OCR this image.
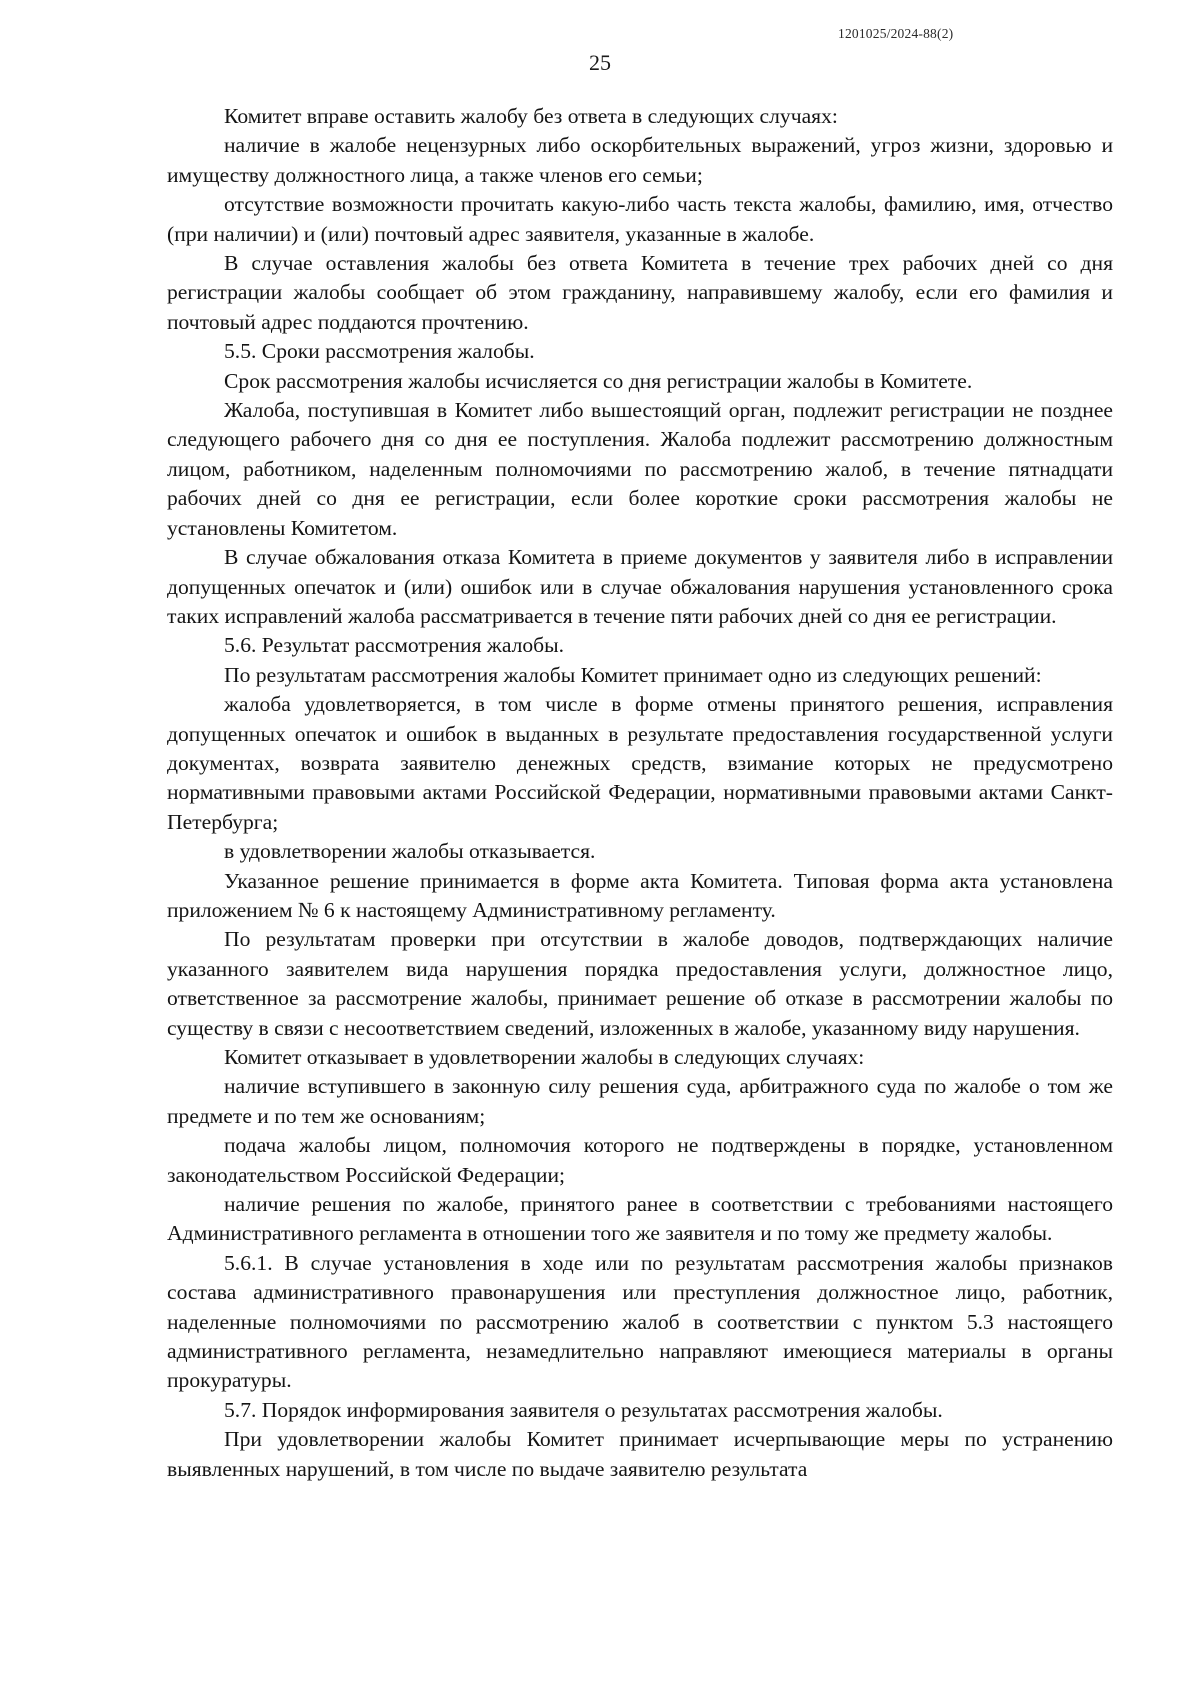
1201025/2024-88(2)
25

Комитет вправе оставить жалобу без ответа в следующих случаях:

наличие в жалобе нецензурных либо оскорбительных выражений, угроз жизни, здоровью и имуществу должностного лица, а также членов его семьи;

отсутствие возможности прочитать какую-либо часть текста жалобы, фамилию, имя, отчество (при наличии) и (или) почтовый адрес заявителя, указанные в жалобе.

В случае оставления жалобы без ответа Комитета в течение трех рабочих дней со дня регистрации жалобы сообщает об этом гражданину, направившему жалобу, если его фамилия и почтовый адрес поддаются прочтению.

5.5. Сроки рассмотрения жалобы.

Срок рассмотрения жалобы исчисляется со дня регистрации жалобы в Комитете.

Жалоба, поступившая в Комитет либо вышестоящий орган, подлежит регистрации не позднее следующего рабочего дня со дня ее поступления. Жалоба подлежит рассмотрению должностным лицом, работником, наделенным полномочиями по рассмотрению жалоб, в течение пятнадцати рабочих дней со дня ее регистрации, если более короткие сроки рассмотрения жалобы не установлены Комитетом.

В случае обжалования отказа Комитета в приеме документов у заявителя либо в исправлении допущенных опечаток и (или) ошибок или в случае обжалования нарушения установленного срока таких исправлений жалоба рассматривается в течение пяти рабочих дней со дня ее регистрации.

5.6. Результат рассмотрения жалобы.

По результатам рассмотрения жалобы Комитет принимает одно из следующих решений:

жалоба удовлетворяется, в том числе в форме отмены принятого решения, исправления допущенных опечаток и ошибок в выданных в результате предоставления государственной услуги документах, возврата заявителю денежных средств, взимание которых не предусмотрено нормативными правовыми актами Российской Федерации, нормативными правовыми актами Санкт-Петербурга;

в удовлетворении жалобы отказывается.

Указанное решение принимается в форме акта Комитета. Типовая форма акта установлена приложением № 6 к настоящему Административному регламенту.

По результатам проверки при отсутствии в жалобе доводов, подтверждающих наличие указанного заявителем вида нарушения порядка предоставления услуги, должностное лицо, ответственное за рассмотрение жалобы, принимает решение об отказе в рассмотрении жалобы по существу в связи с несоответствием сведений, изложенных в жалобе, указанному виду нарушения.

Комитет отказывает в удовлетворении жалобы в следующих случаях:

наличие вступившего в законную силу решения суда, арбитражного суда по жалобе о том же предмете и по тем же основаниям;

подача жалобы лицом, полномочия которого не подтверждены в порядке, установленном законодательством Российской Федерации;

наличие решения по жалобе, принятого ранее в соответствии с требованиями настоящего Административного регламента в отношении того же заявителя и по тому же предмету жалобы.

5.6.1. В случае установления в ходе или по результатам рассмотрения жалобы признаков состава административного правонарушения или преступления должностное лицо, работник, наделенные полномочиями по рассмотрению жалоб в соответствии с пунктом 5.3 настоящего административного регламента, незамедлительно направляют имеющиеся материалы в органы прокуратуры.

5.7. Порядок информирования заявителя о результатах рассмотрения жалобы.

При удовлетворении жалобы Комитет принимает исчерпывающие меры по устранению выявленных нарушений, в том числе по выдаче заявителю результата
